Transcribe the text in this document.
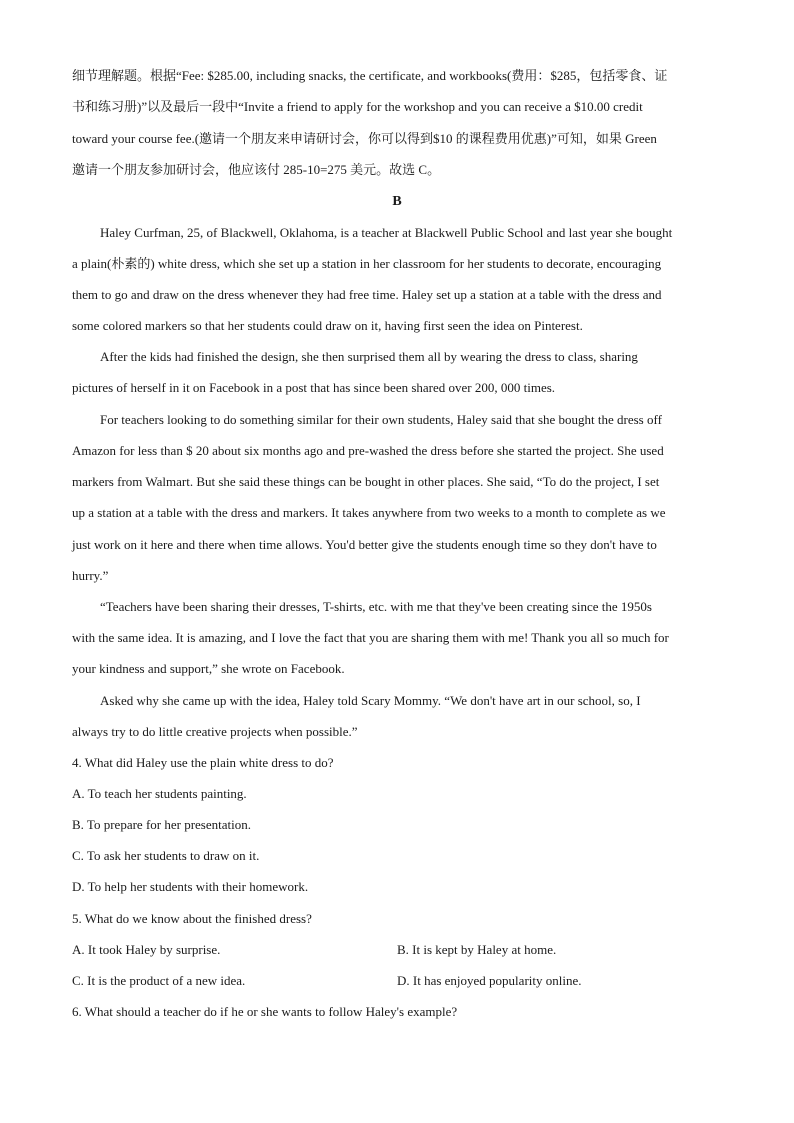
细节理解题。根据“Fee: $285.00, including snacks, the certificate, and workbooks(费用：$285，包括零食、证
书和练习册)”以及最后一段中“Invite a friend to apply for the workshop and you can receive a $10.00 credit
toward your course fee.(邀请一个朋友来申请研讨会，你可以得到$10 的课程费用优惠)”可知，如果 Green
邀请一个朋友参加研讨会，他应该付 285-10=275 美元。故选 C。
B
Haley Curfman, 25, of Blackwell, Oklahoma, is a teacher at Blackwell Public School and last year she bought
a plain(朴素的) white dress, which she set up a station in her classroom for her students to decorate, encouraging
them to go and draw on the dress whenever they had free time. Haley set up a station at a table with the dress and
some colored markers so that her students could draw on it, having first seen the idea on Pinterest.
After the kids had finished the design, she then surprised them all by wearing the dress to class, sharing
pictures of herself in it on Facebook in a post that has since been shared over 200, 000 times.
For teachers looking to do something similar for their own students, Haley said that she bought the dress off
Amazon for less than $ 20 about six months ago and pre-washed the dress before she started the project. She used
markers from Walmart. But she said these things can be bought in other places. She said, “To do the project, I set
up a station at a table with the dress and markers. It takes anywhere from two weeks to a month to complete as we
just work on it here and there when time allows. You'd better give the students enough time so they don't have to
hurry.”
“Teachers have been sharing their dresses, T-shirts, etc. with me that they've been creating since the 1950s
with the same idea. It is amazing, and I love the fact that you are sharing them with me! Thank you all so much for
your kindness and support,” she wrote on Facebook.
Asked why she came up with the idea, Haley told Scary Mommy. “We don't have art in our school, so, I
always try to do little creative projects when possible.”
4. What did Haley use the plain white dress to do?
A. To teach her students painting.
B. To prepare for her presentation.
C. To ask her students to draw on it.
D. To help her students with their homework.
5. What do we know about the finished dress?
A. It took Haley by surprise.	B. It is kept by Haley at home.
C. It is the product of a new idea.	D. It has enjoyed popularity online.
6. What should a teacher do if he or she wants to follow Haley's example?
